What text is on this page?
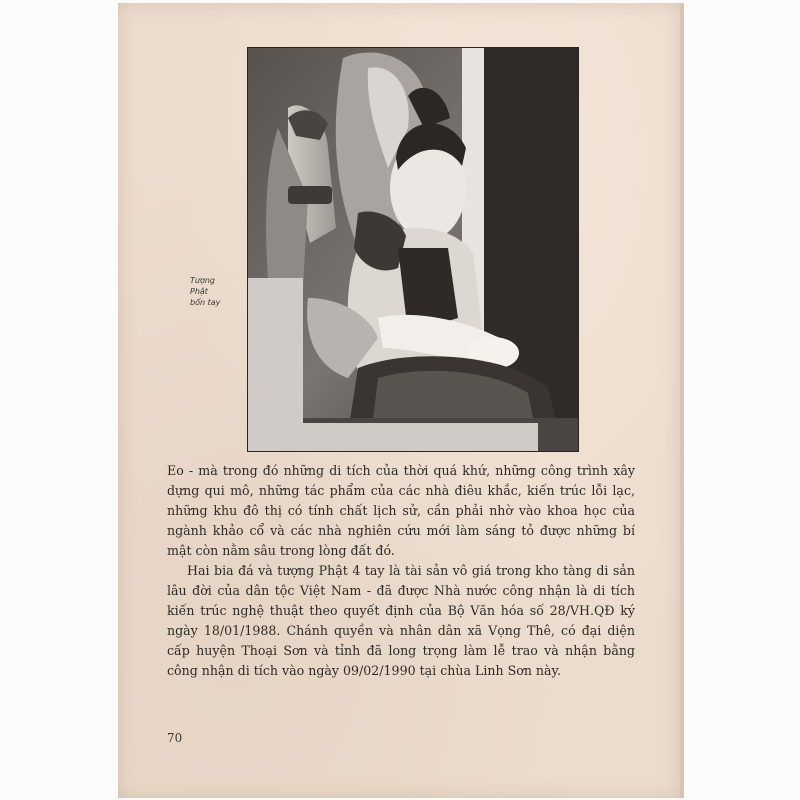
Tượng
Phật
bốn tay

Eo - mà trong đó những di tích của thời quá khứ, những công trình xây dựng qui mô, những tác phẩm của các nhà điêu khắc, kiến trúc lỗi lạc, những khu đô thị có tính chất lịch sử, cần phải nhờ vào khoa học của ngành khảo cổ và các nhà nghiên cứu mới làm sáng tỏ được những bí mật còn nằm sâu trong lòng đất đó.

Hai bia đá và tượng Phật 4 tay là tài sản vô giá trong kho tàng di sản lâu đời của dân tộc Việt Nam - đã được Nhà nước công nhận là di tích kiến trúc nghệ thuật theo quyết định của Bộ Văn hóa số 28/VH.QĐ ký ngày 18/01/1988. Chánh quyền và nhân dân xã Vọng Thê, có đại diện cấp huyện Thoại Sơn và tỉnh đã long trọng làm lễ trao và nhận bằng công nhận di tích vào ngày 09/02/1990 tại chùa Linh Sơn này.

70
